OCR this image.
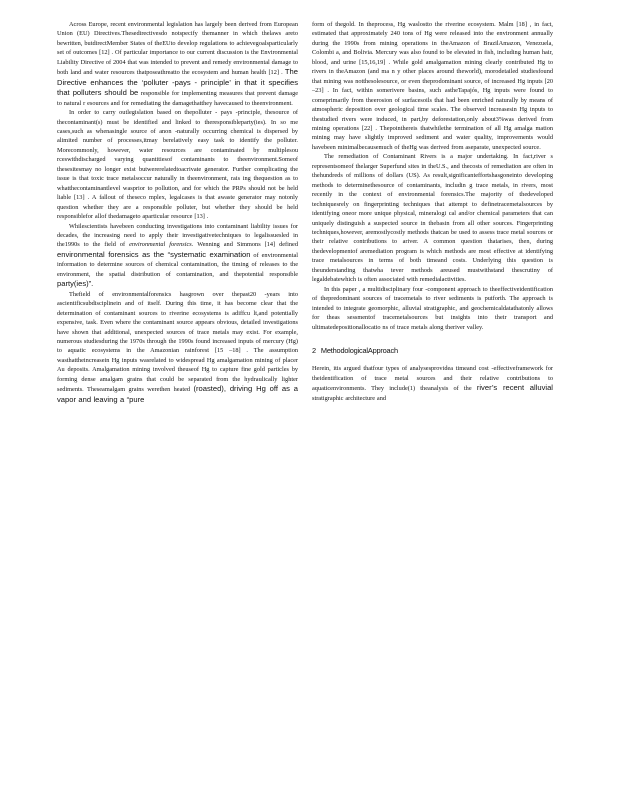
Across Europe, recent environmental legislation has largely been derived from European Union (EU) Directives.Thesedirectivesdo notspecify themanner in which thelaws areto bewritten, butdirectMember States of theEUto develop regulations to achievegoalsparticularly set of outcomes [12] . Of particular importance to our current discussion is the Environmental Liability Directive of 2004 that was intended to prevent and remedy environmental damage to both land and water resources thatposeathreatto the ecosystem and human health [12] . The Directive enhances the ‘polluter -pays - principle’ in that it specifies that polluters should be responsible for implementing measures that prevent damage to natural r esources and for remediating the damagethatthey havecaused to theenvironment.

In order to carry outlegislation based on thepolluter - pays -principle, thesource of thecontaminant(s) must be identified and linked to theresponsibleparty(ies). In so me cases,such as whenasingle source of anon -naturally occurring chemical is dispersed by alimited number of processes,itmay berelatively easy task to identify the polluter. Morecommonly, however, water resources are contaminated by multiplesou rceswithdischarged varying quantitiesof contaminants to theenvironment.Someof thesesitesmay no longer exist butwererelatedtoacrivate generator. Further complicating the issue is that toxic trace metalsoccur naturally in theenvironment, rais ing thequestion as to whatthecontaminantlevel wasprior to pollution, and for which the PRPs should not be held liable [13] . A fallout of theseco mplex, legalcases is that awaste generator may notonly question whether they are a responsible polluter, but whether they should be held responsiblefor allof thedamageto aparticular resource [13] .

Whilescientists havebeen conducting investigations into contaminant liability issues for decades, the increasing need to apply their investigativetechniques to legalissuesled in the1990s to the field of environmental forensics. Wenning and Simmons [14] defined environmental forensics as the “systematic examination of environmental information to determine sources of chemical contamination, the timing of releases to the environment, the spatial distribution of contamination, and thepotential responsible party(ies)”.

Thefield of environmentalforensics hasgrown over thepast20 -years into ascientificsubdisciplinein and of itself. During this time, it has become clear that the determination of contaminant sources to riverine ecosystems is adiffcu lt,and potentially expensive, task. Even where the contaminant source appears obvious, detailed investigations have shown that additional, unexpected sources of trace metals may exist. For example, numerous studiesduring the 1970s through the 1990s found increased inputs of mercury (Hg) to aquatic ecosystems in the Amazonian rainforest [15 –18] . The assumption wasthattheincreasein Hg inputs wasrelated to widespread Hg amalgamation mining of placer Au deposits. Amalgamation mining involved theuseof Hg to capture fine gold particles by forming dense amalgam grains that could be separated from the hydraulically lighter sediments. Theseamalgam grains werethen heated (roasted), driving Hg off as a vapor and leaving a “pure

form of thegold. In theprocess, Hg waslostto the riverine ecosystem. Malm [18] , in fact, estimated that approximately 240 tons of Hg were released into the environment annually during the 1990s from mining operations in theAmazon of BrazilAmazon, Venezuela, Colombi a, and Bolivia. Mercury was also found to be elevated in fish, including human hair, blood, and urine [15,16,19] . While gold amalgamation mining clearly contributed Hg to rivers in theAmazon (and ma n y other places around theworld), morodetailed studiesfound that mining was notthesolesource, or even theprodominant source, of increased Hg inputs [20 –23] . In fact, within somerivere basins, such astheTapajós, Hg inputs were found to comeprimarily from theerosion of surfacesoils that had been enriched naturally by means of atmospheric deposition over geological time scales. The observed increasesin Hg inputs to thestudied rivers were induced, in part,by deforestation,only about3%was derived from mining operations [22] . Thepointhereis thatwhilethe termination of all Hg amalga mation mining may have slightly improved sediment and water quality, improvements would havebeen minimalbecausemuch of theHg was derived from aseparate, unexpected source.

The remediation of Contaminant Rivers is a major undertaking. In fact,river s representsomeof thelarger Superfund sites in theU.S., and thecosts of remediation are often in thehundreds of millions of dollars (US). As result,significanteffortshasgoneinto developing methods to determinethesource of contaminants, includin g trace metals, in rivers, most recently in the context of environmental forensics.The majority of thedeveloped techniquesrely on fingerprinting techniques that attempt to definetracemetalsources by identifying oneor more unique physical, mineralogi cal and/or chemical parameters that can uniquely distinguish a suspected source in thebasin from all other sources. Fingerprinting techniques,however, aremostlycostly methods thatcan be used to assess trace metal sources or their relative contributions to ariver. A common question thatarises, then, during thedevelopmentof aremediation program is which methods are most effective at identifying trace metalsources in terms of both timeand costs. Underlying this question is theunderstanding thatwha tever methods areused mustwithstand thescrutiny of legaldebatewhich is often associated with remedialactivities.

In this paper , a multidisciplinary four -component approach to theeffectiveidentification of thepredominant sources of tracemetals to river sediments is putforth. The approach is intended to integrate geomorphic, alluvial stratigraphic, and geochemicaldatathatonly allows for theas sessmentof tracemetalsources but insights into their transport and ultimatedepositionallocatio ns of trace metals along theriver valley.

2 MethodologicalApproach

Herein, itis argued thatfour types of analysesprovidea timeand cost -effectiveframework for theidentification of trace metal sources and their relative contributions to aquaticenvironments. They include(1) theanalysis of the river’s recent alluvial stratigraphic architecture and
